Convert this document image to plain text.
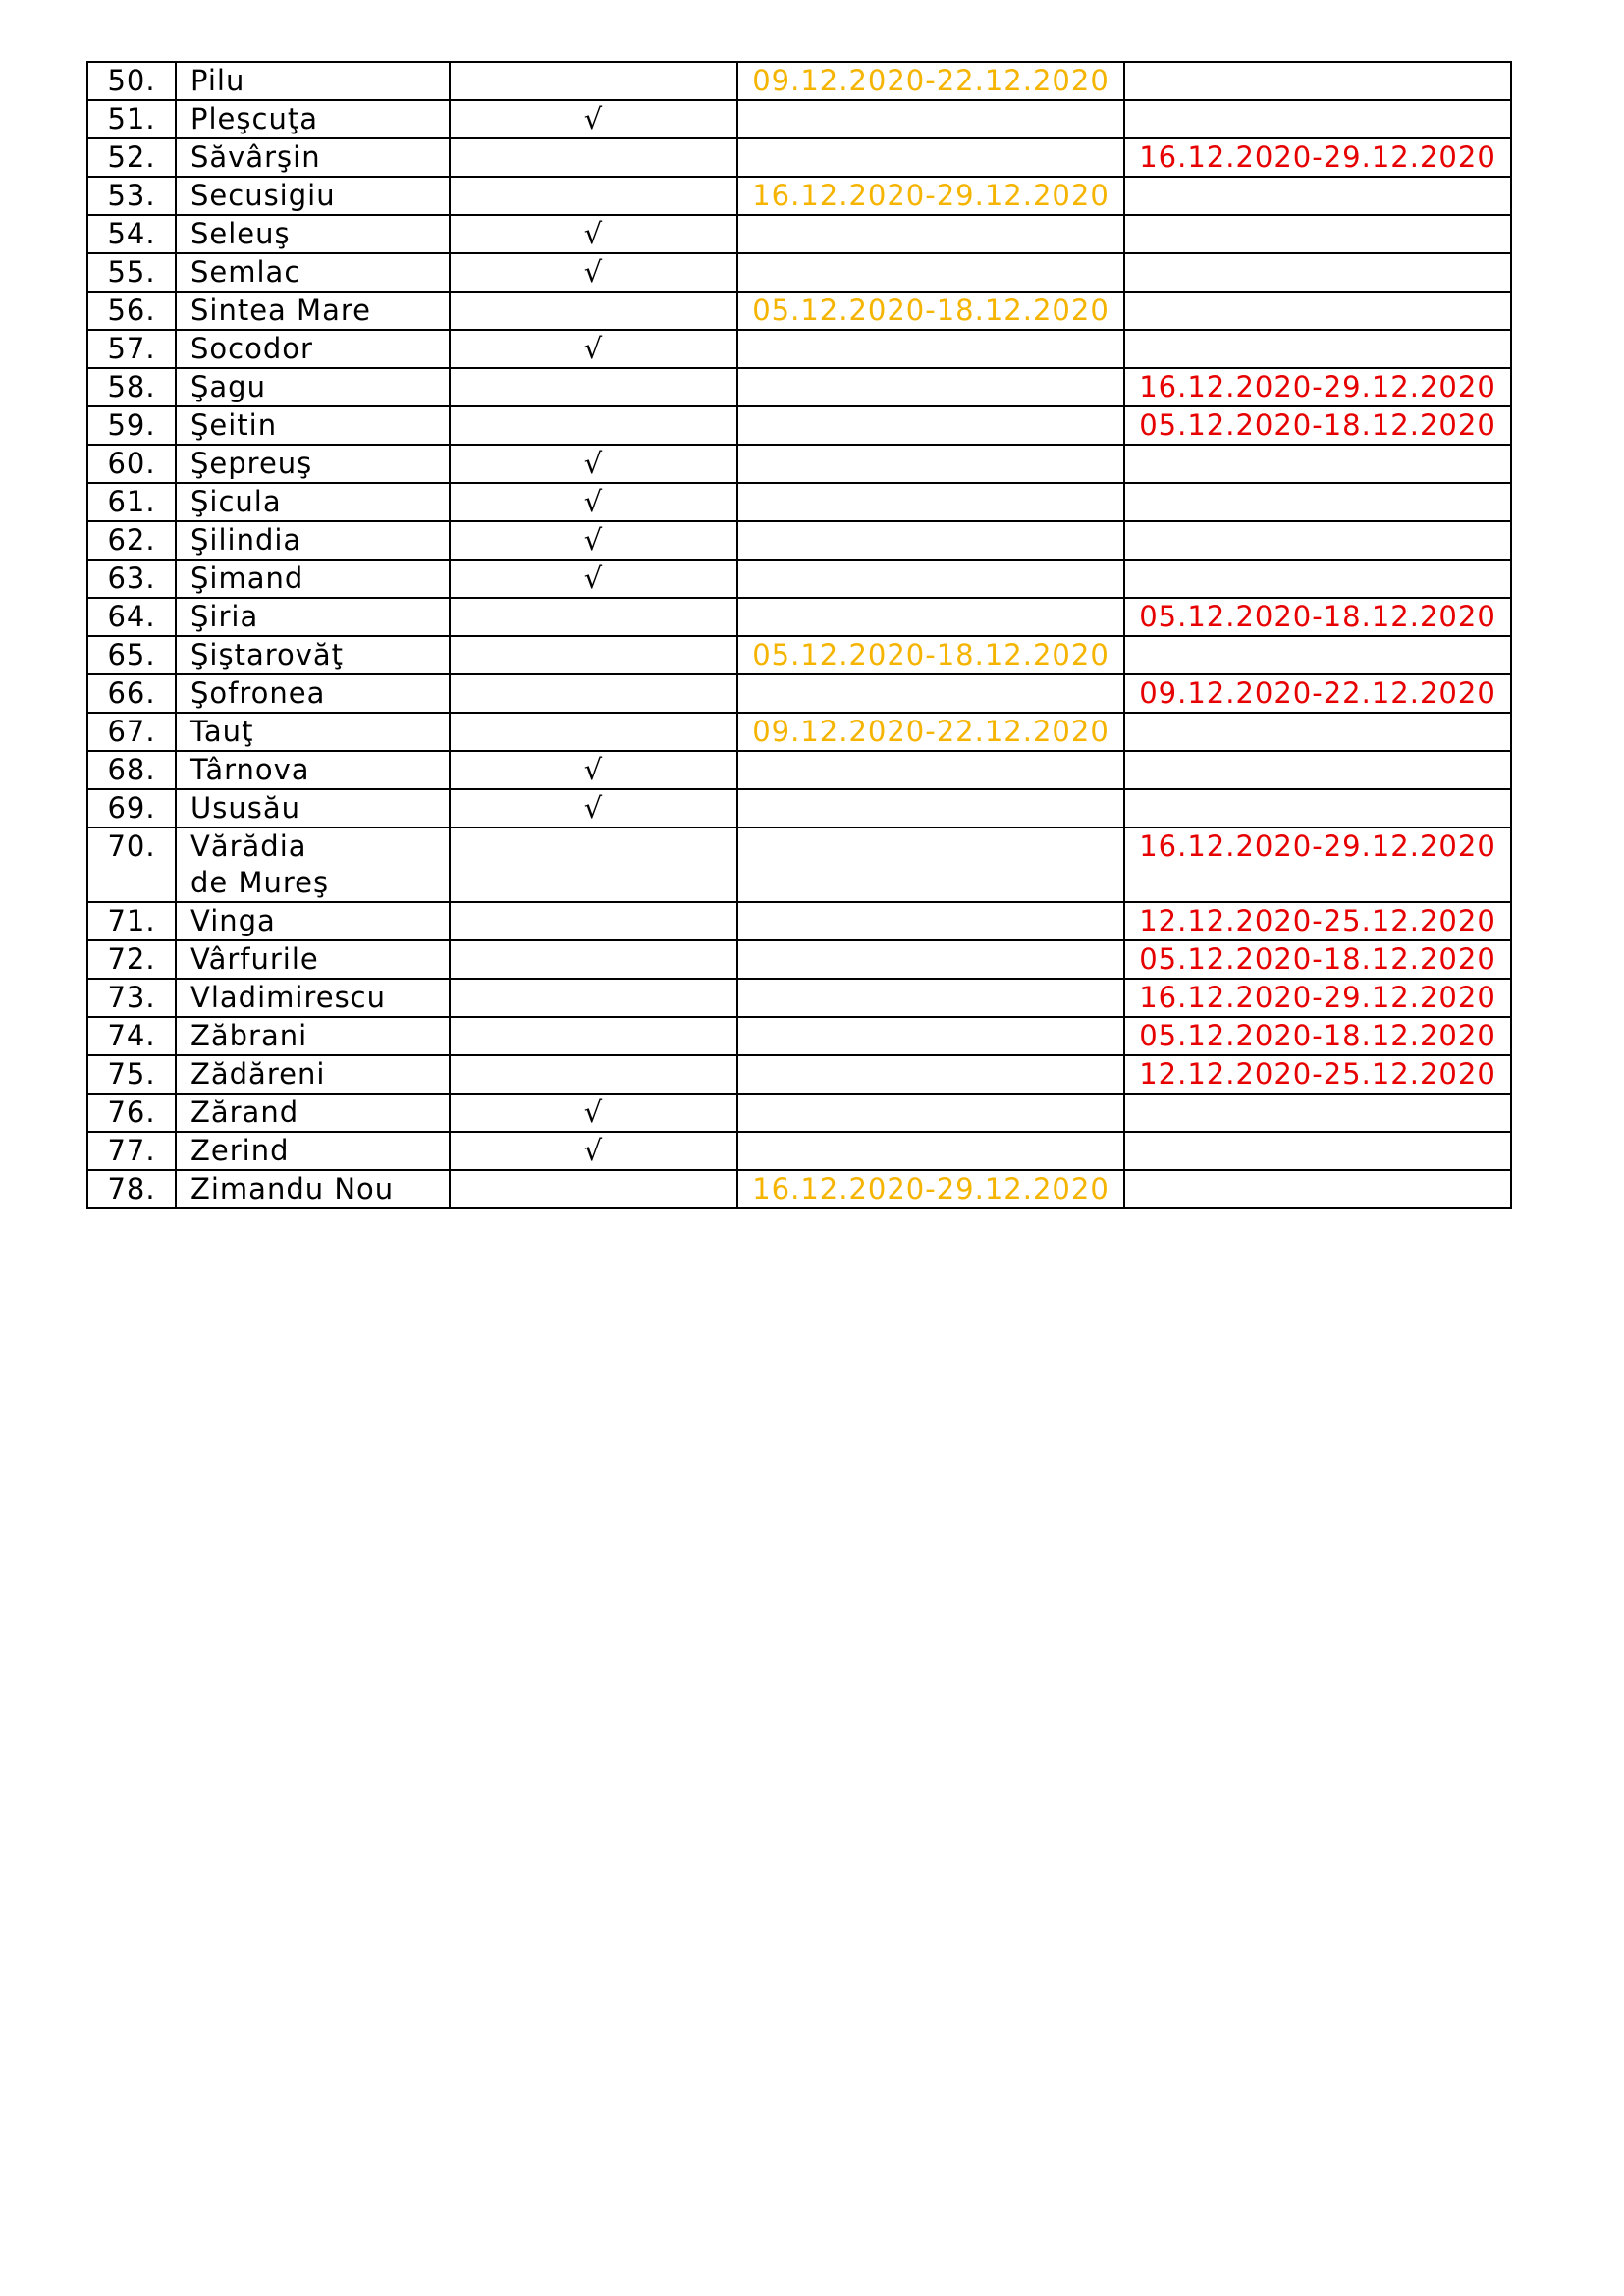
50.	Pilu		09.12.2020-22.12.2020	
51.	Pleşcuţa	√		
52.	Săvârşin			16.12.2020-29.12.2020
53.	Secusigiu		16.12.2020-29.12.2020	
54.	Seleuş	√		
55.	Semlac	√		
56.	Sintea Mare		05.12.2020-18.12.2020	
57.	Socodor	√		
58.	Şagu			16.12.2020-29.12.2020
59.	Şeitin			05.12.2020-18.12.2020
60.	Şepreuş	√		
61.	Şicula	√		
62.	Şilindia	√		
63.	Şimand	√		
64.	Şiria			05.12.2020-18.12.2020
65.	Şiştarovăţ		05.12.2020-18.12.2020	
66.	Şofronea			09.12.2020-22.12.2020
67.	Tauţ		09.12.2020-22.12.2020	
68.	Târnova	√		
69.	Ususău	√		
70.	Vărădia
de Mureş			16.12.2020-29.12.2020
71.	Vinga			12.12.2020-25.12.2020
72.	Vârfurile			05.12.2020-18.12.2020
73.	Vladimirescu			16.12.2020-29.12.2020
74.	Zăbrani			05.12.2020-18.12.2020
75.	Zădăreni			12.12.2020-25.12.2020
76.	Zărand	√		
77.	Zerind	√		
78.	Zimandu Nou		16.12.2020-29.12.2020	
